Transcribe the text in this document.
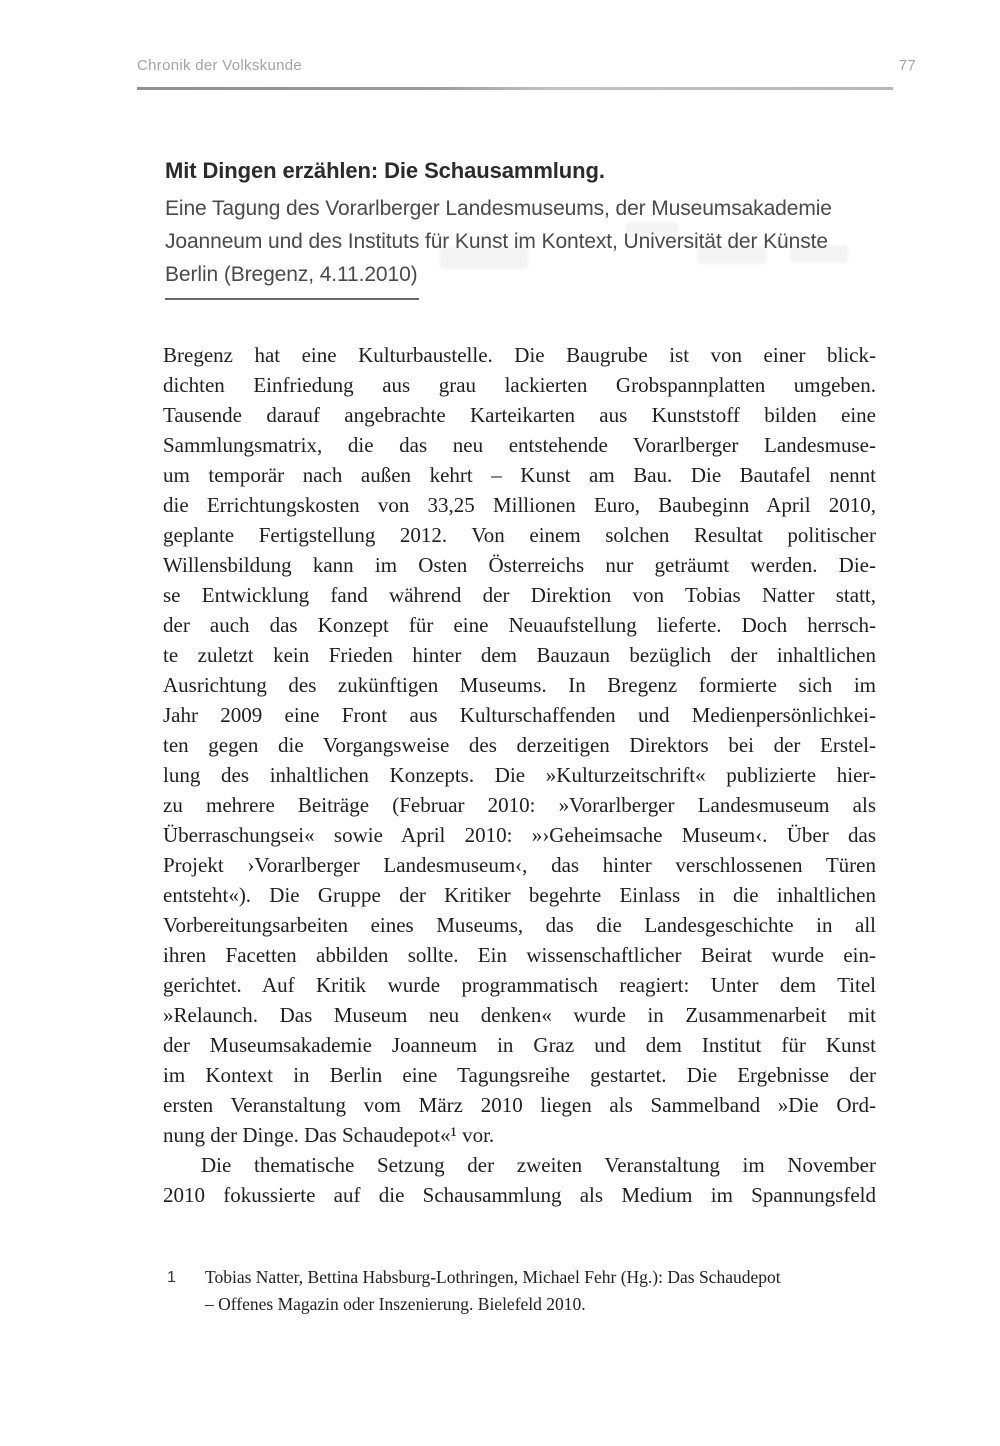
Chronik der Volkskunde	77
Mit Dingen erzählen: Die Schausammlung.
Eine Tagung des Vorarlberger Landesmuseums, der Museumsakademie
Joanneum und des Instituts für Kunst im Kontext, Universität der Künste
Berlin (Bregenz, 4.11.2010)
Bregenz hat eine Kulturbaustelle. Die Baugrube ist von einer blick-
dichten Einfriedung aus grau lackierten Grobspannplatten umgeben.
Tausende darauf angebrachte Karteikarten aus Kunststoff bilden eine
Sammlungsmatrix, die das neu entstehende Vorarlberger Landesmuse-
um temporär nach außen kehrt – Kunst am Bau. Die Bautafel nennt
die Errichtungskosten von 33,25 Millionen Euro, Baubeginn April 2010,
geplante Fertigstellung 2012. Von einem solchen Resultat politischer
Willensbildung kann im Osten Österreichs nur geträumt werden. Die-
se Entwicklung fand während der Direktion von Tobias Natter statt,
der auch das Konzept für eine Neuaufstellung lieferte. Doch herrsch-
te zuletzt kein Frieden hinter dem Bauzaun bezüglich der inhaltlichen
Ausrichtung des zukünftigen Museums. In Bregenz formierte sich im
Jahr 2009 eine Front aus Kulturschaffenden und Medienpersönlichkei-
ten gegen die Vorgangsweise des derzeitigen Direktors bei der Erstel-
lung des inhaltlichen Konzepts. Die »Kulturzeitschrift« publizierte hier-
zu mehrere Beiträge (Februar 2010: »Vorarlberger Landesmuseum als
Überraschungsei« sowie April 2010: »›Geheimsache Museum‹. Über das
Projekt ›Vorarlberger Landesmuseum‹, das hinter verschlossenen Türen
entsteht«). Die Gruppe der Kritiker begehrte Einlass in die inhaltlichen
Vorbereitungsarbeiten eines Museums, das die Landesgeschichte in all
ihren Facetten abbilden sollte. Ein wissenschaftlicher Beirat wurde ein-
gerichtet. Auf Kritik wurde programmatisch reagiert: Unter dem Titel
»Relaunch. Das Museum neu denken« wurde in Zusammenarbeit mit
der Museumsakademie Joanneum in Graz und dem Institut für Kunst
im Kontext in Berlin eine Tagungsreihe gestartet. Die Ergebnisse der
ersten Veranstaltung vom März 2010 liegen als Sammelband »Die Ord-
nung der Dinge. Das Schaudepot«¹ vor.
Die thematische Setzung der zweiten Veranstaltung im November
2010 fokussierte auf die Schausammlung als Medium im Spannungsfeld
1	Tobias Natter, Bettina Habsburg-Lothringen, Michael Fehr (Hg.): Das Schaudepot
– Offenes Magazin oder Inszenierung. Bielefeld 2010.
